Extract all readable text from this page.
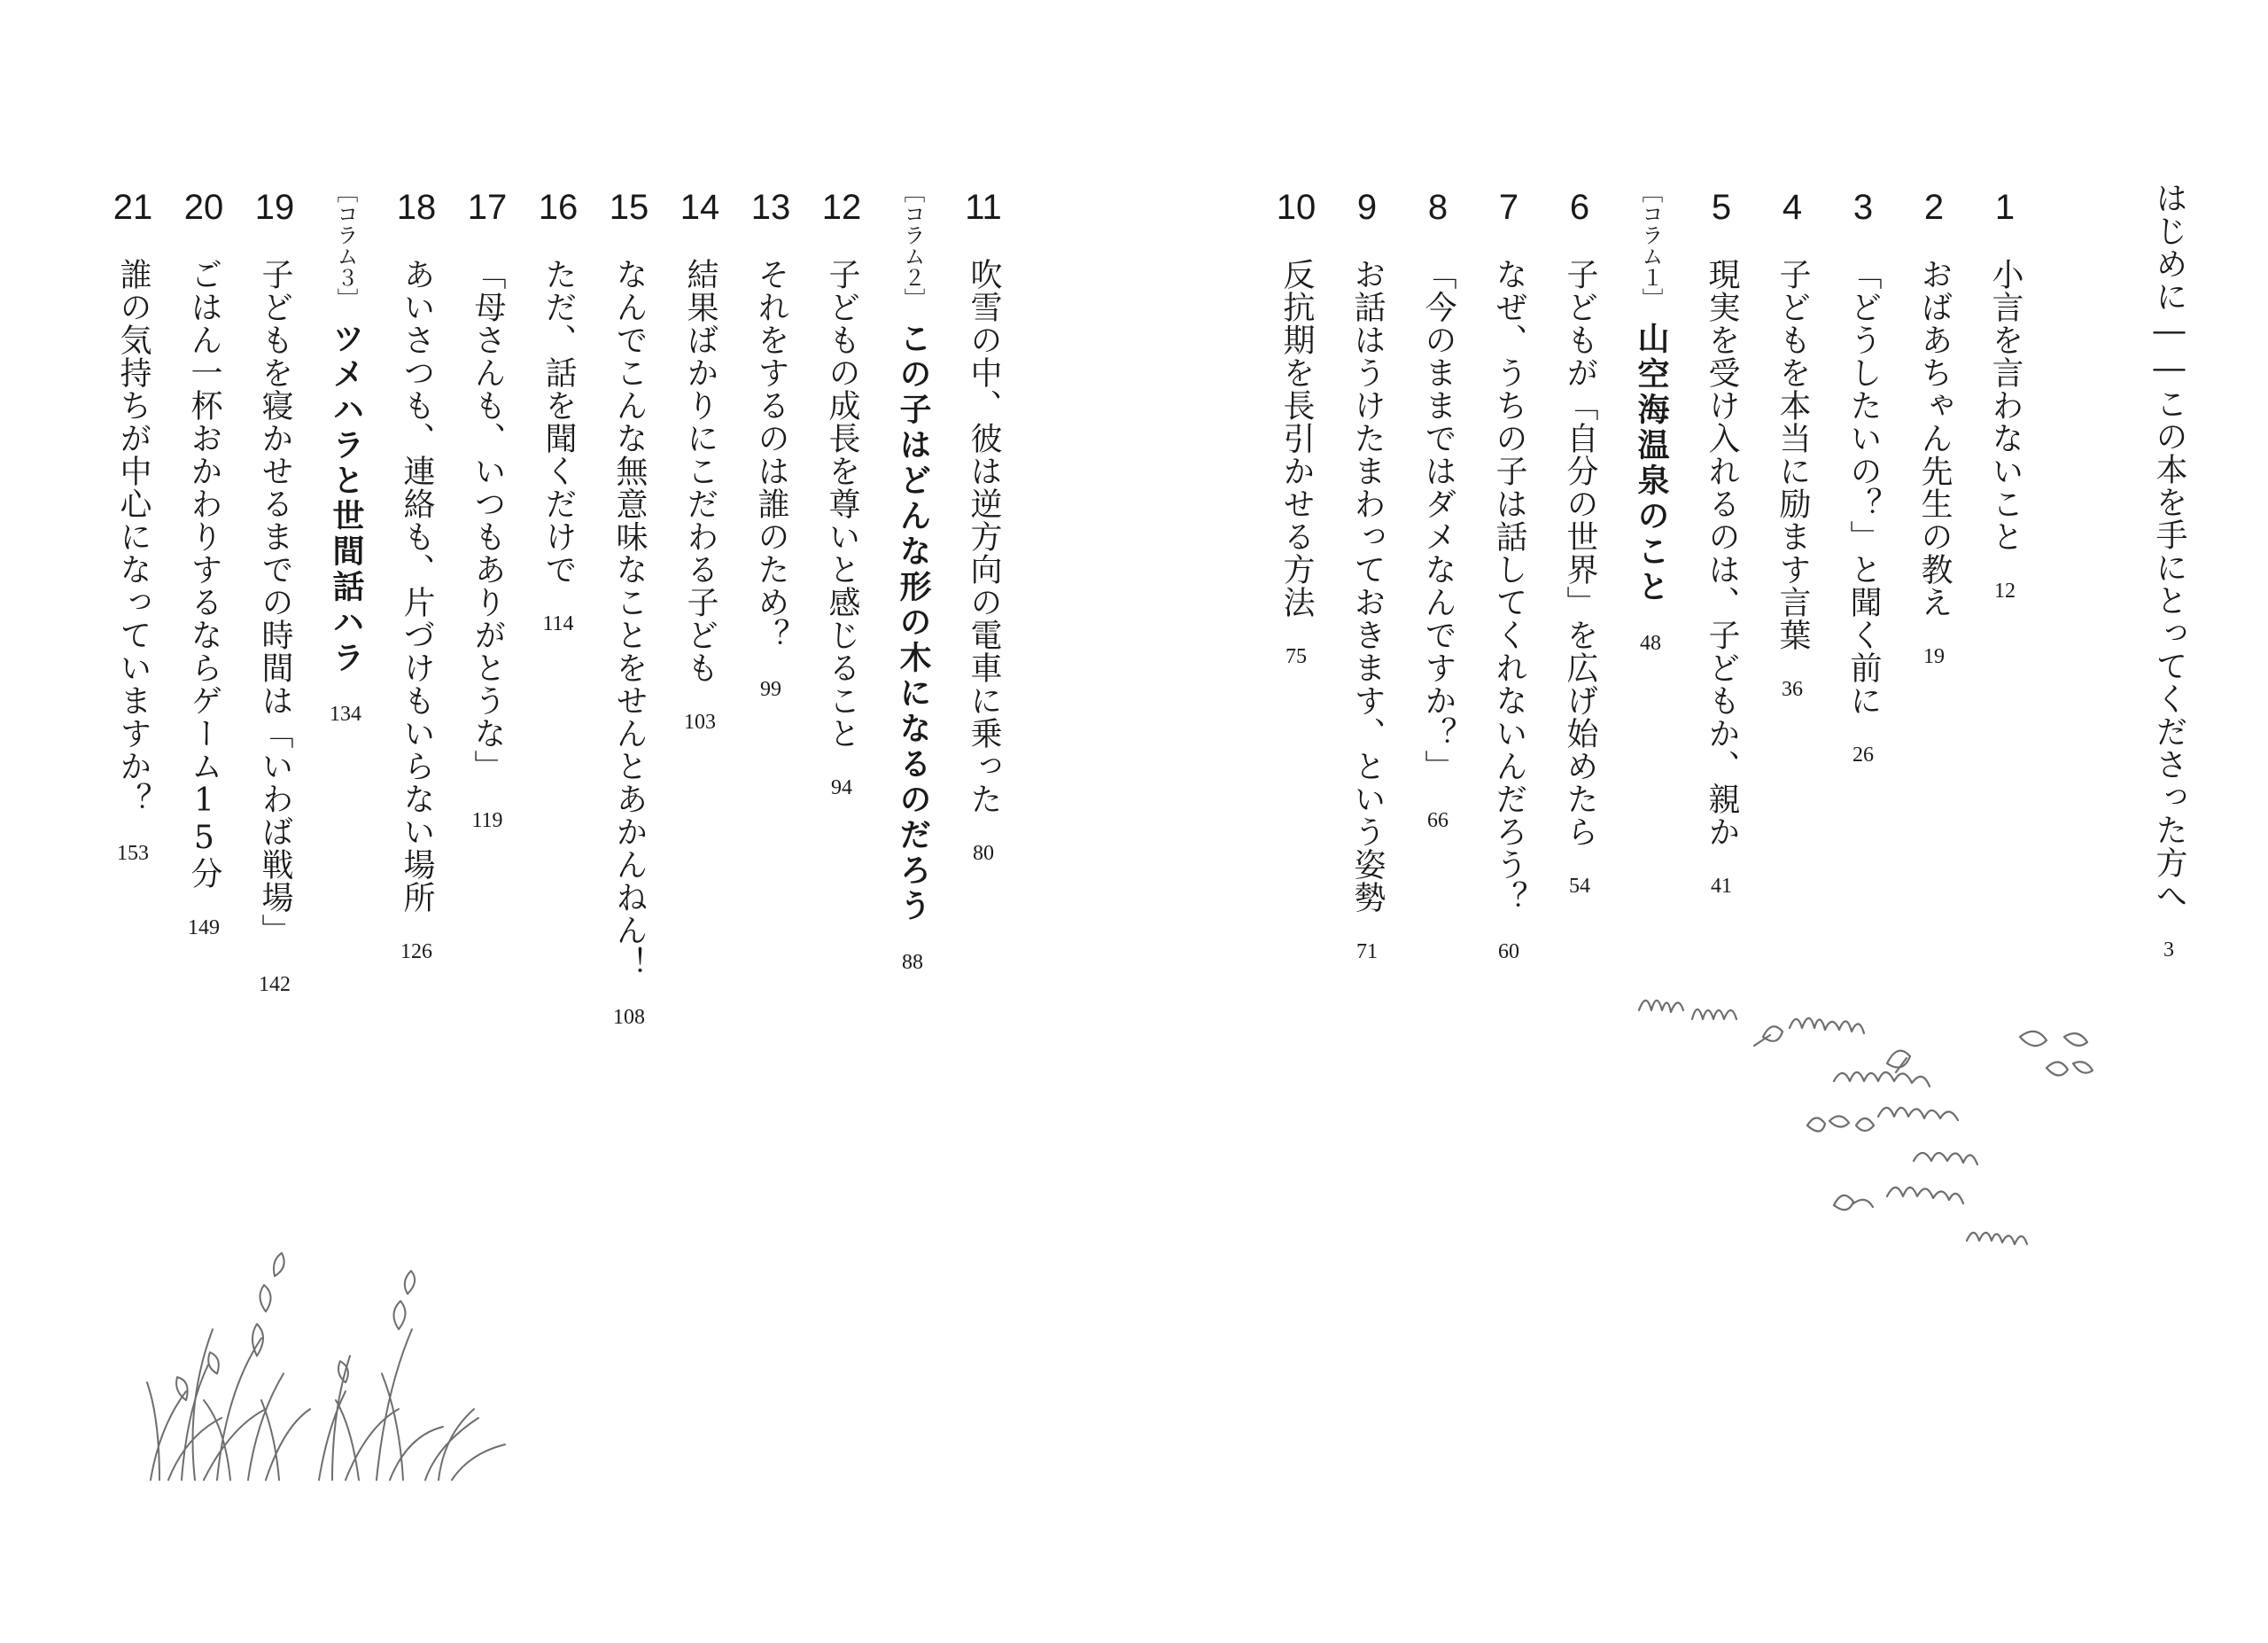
はじめに――この本を手にとってくださった方へ
3
1
小言を言わないこと
12
2
おばあちゃん先生の教え
19
3
「どうしたいの？」と聞く前に
26
4
子どもを本当に励ます言葉
36
5
現実を受け入れるのは、子どもか、親か
41
［コラム１］
山空海温泉のこと
48
6
子どもが「自分の世界」を広げ始めたら
54
7
なぜ、うちの子は話してくれないんだろう？
60
8
「今のままではダメなんですか？」
66
9
お話はうけたまわっておきます、という姿勢
71
10
反抗期を長引かせる方法
75
11
吹雪の中、彼は逆方向の電車に乗った
80
［コラム２］
この子はどんな形の木になるのだろう
88
12
子どもの成長を尊いと感じること
94
13
それをするのは誰のため？
99
14
結果ばかりにこだわる子ども
103
15
なんでこんな無意味なことをせんとあかんねん！
108
16
ただ、話を聞くだけで
114
17
「母さんも、いつもありがとうな」
119
18
あいさつも、連絡も、片づけもいらない場所
126
［コラム３］
ツメハラと世間話ハラ
134
19
子どもを寝かせるまでの時間は「いわば戦場」
142
20
ごはん一杯おかわりするならゲーム15分
149
21
誰の気持ちが中心になっていますか？
153
